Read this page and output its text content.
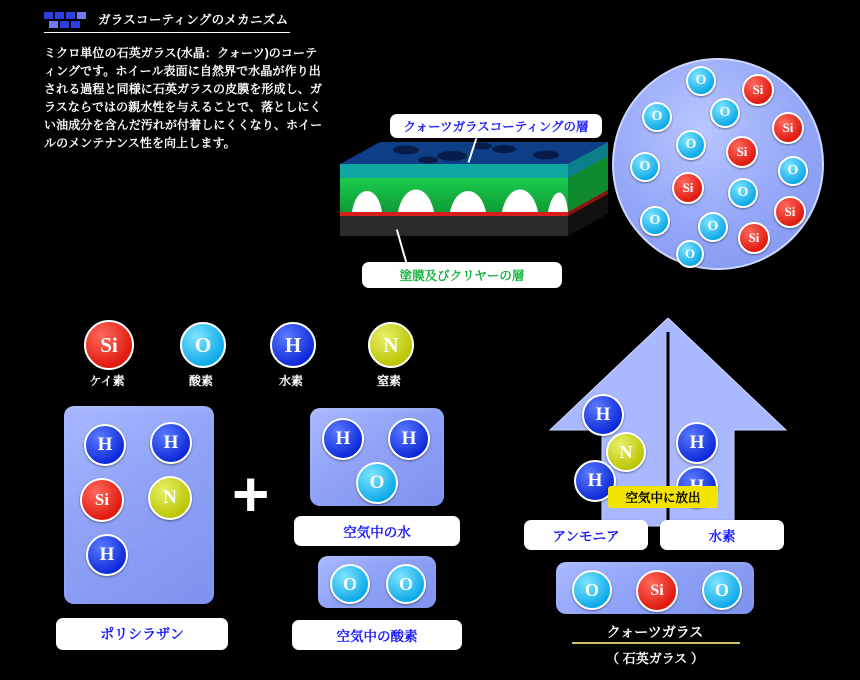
ガラスコーティングのメカニズム
ミクロ単位の石英ガラス(水晶：クォーツ)のコーティングです。ホイール表面に自然界で水晶が作り出される過程と同様に石英ガラスの皮膜を形成し、ガラスならではの親水性を与えることで、落としにくい油成分を含んだ汚れが付着しにくくなり、ホイールのメンテナンス性を向上します。
クォーツガラスコーティングの層
塗膜及びクリヤーの層
O
Si
O	O
Si
O	Si
O	O
Si	O
Si
O	O
Si
O
Si
ケイ素
O
酸素
H
水素
N
窒素
H	H
Si	N
H
ポリシラザン
+
H	H
O
空気中の水
O O
空気中の酸素
H
N
H
H
空気中に放出
アンモニア	水素
O	Si	O
クォーツガラス
（ 石英ガラス ）
